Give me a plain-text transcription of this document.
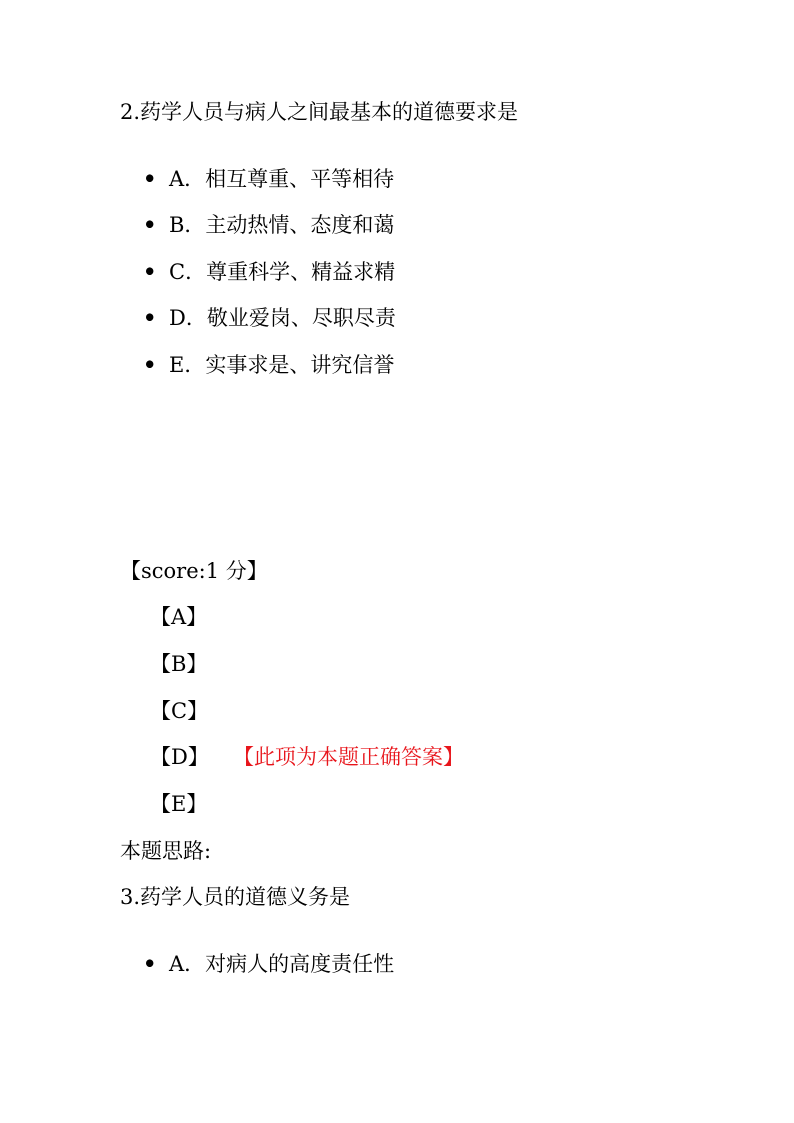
2.药学人员与病人之间最基本的道德要求是
• A．相互尊重、平等相待
• B．主动热情、态度和蔼
• C．尊重科学、精益求精
• D．敬业爱岗、尽职尽责
• E．实事求是、讲究信誉
【score:1 分】
【A】
【B】
【C】
【D】 【此项为本题正确答案】
【E】
本题思路:
3.药学人员的道德义务是
• A．对病人的高度责任性
